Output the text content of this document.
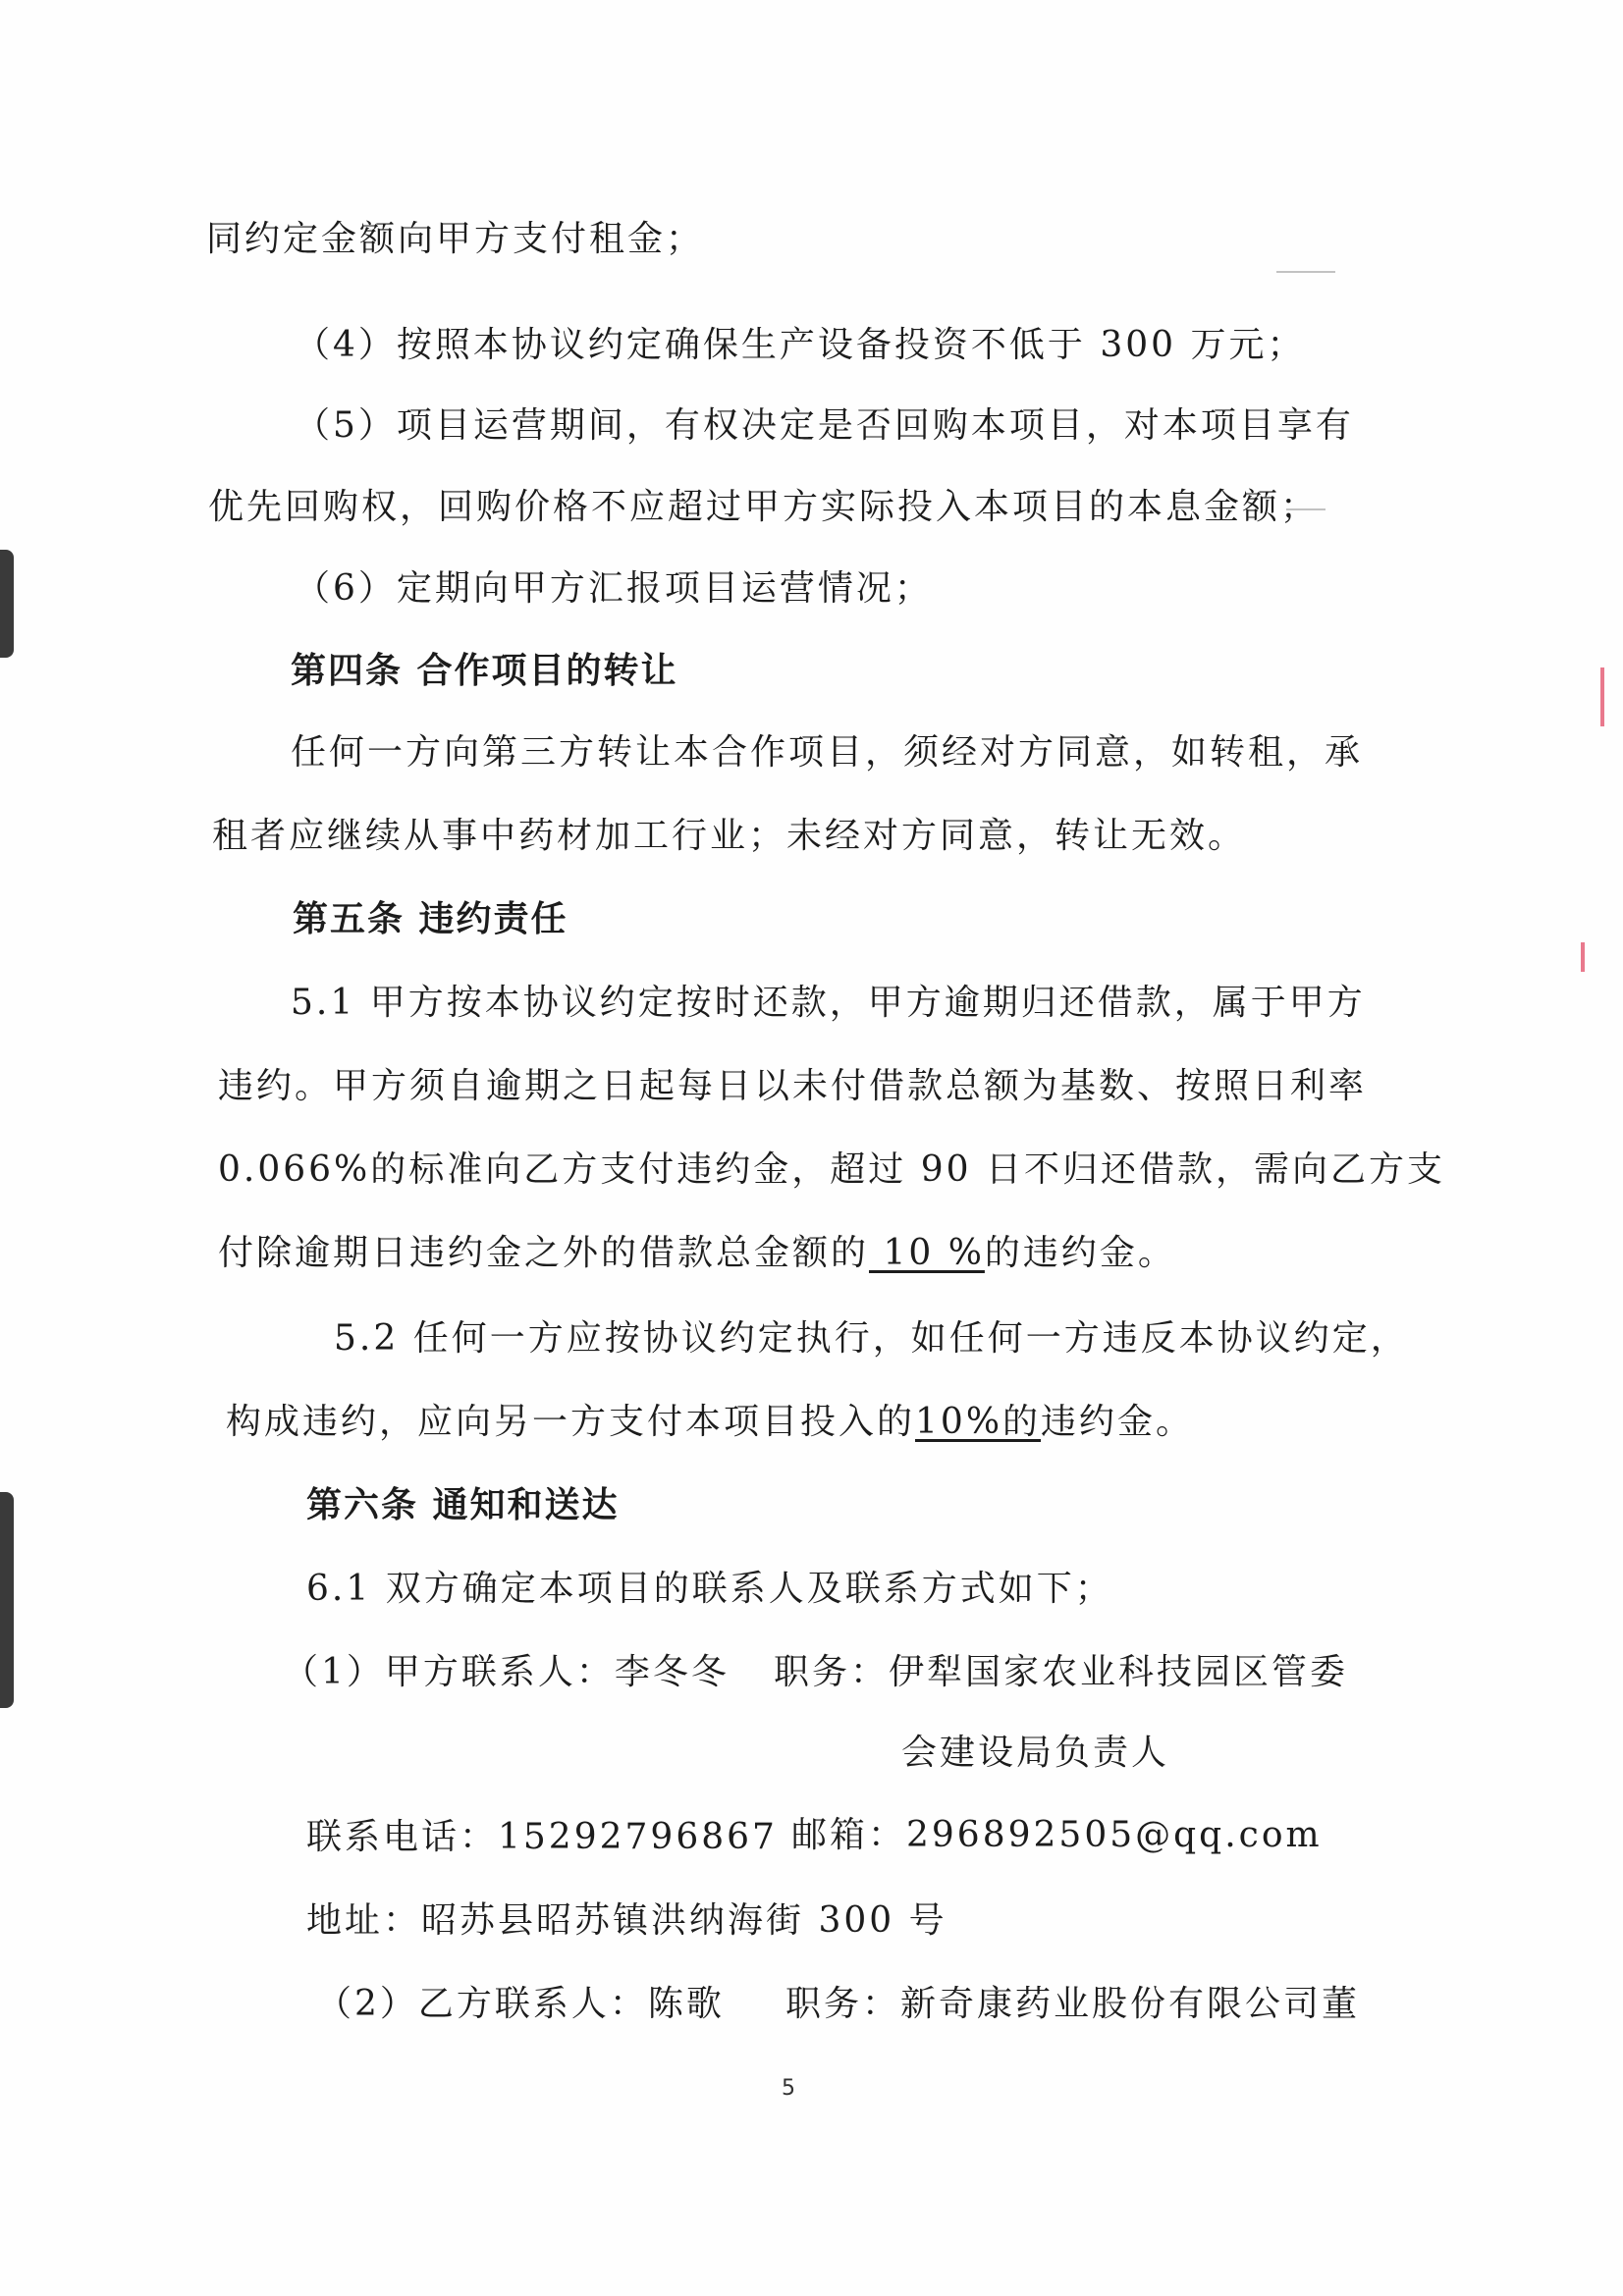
同约定金额向甲方支付租金；

（4）按照本协议约定确保生产设备投资不低于 300 万元；

（5）项目运营期间，有权决定是否回购本项目，对本项目享有

优先回购权，回购价格不应超过甲方实际投入本项目的本息金额；

（6）定期向甲方汇报项目运营情况；

第四条 合作项目的转让

任何一方向第三方转让本合作项目，须经对方同意，如转租，承

租者应继续从事中药材加工行业；未经对方同意，转让无效。

第五条 违约责任

5.1 甲方按本协议约定按时还款，甲方逾期归还借款，属于甲方

违约。甲方须自逾期之日起每日以未付借款总额为基数、按照日利率

0.066%的标准向乙方支付违约金，超过 90 日不归还借款，需向乙方支

付除逾期日违约金之外的借款总金额的 10 %的违约金。

5.2 任何一方应按协议约定执行，如任何一方违反本协议约定，

构成违约，应向另一方支付本项目投入的10%的违约金。

第六条 通知和送达

6.1 双方确定本项目的联系人及联系方式如下；

（1）甲方联系人：李冬冬 职务：伊犁国家农业科技园区管委

会建设局负责人

联系电话：15292796867 邮箱：296892505@qq.com

地址：昭苏县昭苏镇洪纳海街 300 号

（2）乙方联系人：陈歌 职务：新奇康药业股份有限公司董

5
